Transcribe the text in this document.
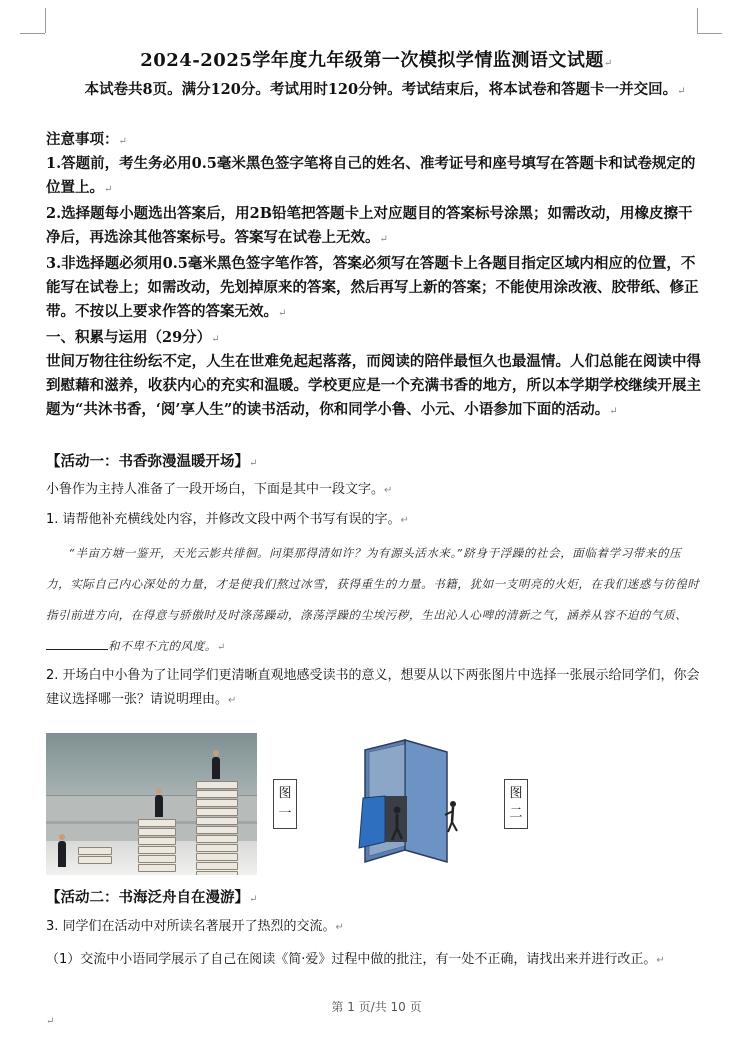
2024-2025学年度九年级第一次模拟学情监测语文试题↵
本试卷共8页。满分120分。考试用时120分钟。考试结束后，将本试卷和答题卡一并交回。↵
注意事项：↵
1.答题前，考生务必用0.5毫米黑色签字笔将自己的姓名、准考证号和座号填写在答题卡和试卷规定的位置上。↵
2.选择题每小题选出答案后，用2B铅笔把答题卡上对应题目的答案标号涂黑；如需改动，用橡皮擦干净后，再选涂其他答案标号。答案写在试卷上无效。↵
3.非选择题必须用0.5毫米黑色签字笔作答，答案必须写在答题卡上各题目指定区域内相应的位置，不能写在试卷上；如需改动，先划掉原来的答案，然后再写上新的答案；不能使用涂改液、胶带纸、修正带。不按以上要求作答的答案无效。↵
一、积累与运用（29分）↵
世间万物往往纷纭不定，人生在世难免起起落落，而阅读的陪伴最恒久也最温情。人们总能在阅读中得到慰藉和滋养，收获内心的充实和温暖。学校更应是一个充满书香的地方，所以本学期学校继续开展主题为“共沐书香，‘阅’享人生”的读书活动，你和同学小鲁、小元、小语参加下面的活动。↵
【活动一：书香弥漫温暖开场】↵
小鲁作为主持人准备了一段开场白，下面是其中一段文字。↵
1. 请帮他补充横线处内容，并修改文段中两个书写有误的字。↵
“半亩方塘一鉴开，天光云影共徘徊。问渠那得清如许？为有源头活水来。”跻身于浮躁的社会，面临着学习带来的压力，实际自己内心深处的力量，才是使我们熬过冰雪，获得重生的力量。书籍，犹如一支明亮的火炬，在我们迷惑与彷徨时指引前进方向，在得意与骄傲时及时涤荡躁动，涤荡浮躁的尘埃污秽，生出沁人心啤的清新之气，涵养从容不迫的气质、和不卑不亢的风度。↵
2. 开场白中小鲁为了让同学们更清晰直观地感受读书的意义，想要从以下两张图片中选择一张展示给同学们，你会建议选择哪一张？请说明理由。↵
图一
图二
【活动二：书海泛舟自在漫游】↵
3. 同学们在活动中对所读名著展开了热烈的交流。↵
（1）交流中小语同学展示了自己在阅读《简·爱》过程中做的批注，有一处不正确，请找出来并进行改正。↵
第 1 页/共 10 页
↵
